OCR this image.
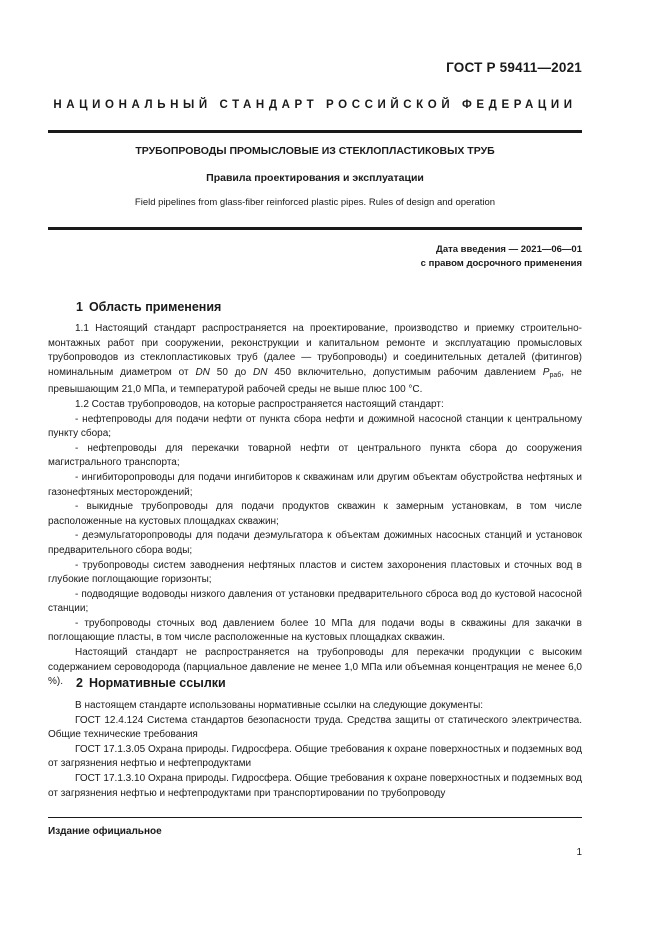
ГОСТ Р 59411—2021
НАЦИОНАЛЬНЫЙ СТАНДАРТ РОССИЙСКОЙ ФЕДЕРАЦИИ
ТРУБОПРОВОДЫ ПРОМЫСЛОВЫЕ ИЗ СТЕКЛОПЛАСТИКОВЫХ ТРУБ
Правила проектирования и эксплуатации
Field pipelines from glass-fiber reinforced plastic pipes. Rules of design and operation
Дата введения — 2021—06—01
с правом досрочного применения
1 Область применения

1.1 Настоящий стандарт распространяется на проектирование, производство и приемку строительно-монтажных работ при сооружении, реконструкции и капитальном ремонте и эксплуатацию промысловых трубопроводов из стеклопластиковых труб (далее — трубопроводы) и соединительных деталей (фитингов) номинальным диаметром от DN 50 до DN 450 включительно, допустимым рабочим давлением $P_{раб}$, не превышающим 21,0 МПа, и температурой рабочей среды не выше плюс 100 °С.

1.2 Состав трубопроводов, на которые распространяется настоящий стандарт:

- нефтепроводы для подачи нефти от пункта сбора нефти и дожимной насосной станции к центральному пункту сбора;

- нефтепроводы для перекачки товарной нефти от центрального пункта сбора до сооружения магистрального транспорта;

- ингибиторопроводы для подачи ингибиторов к скважинам или другим объектам обустройства нефтяных и газонефтяных месторождений;

- выкидные трубопроводы для подачи продуктов скважин к замерным установкам, в том числе расположенные на кустовых площадках скважин;

- деэмульгаторопроводы для подачи деэмульгатора к объектам дожимных насосных станций и установок предварительного сбора воды;

- трубопроводы систем заводнения нефтяных пластов и систем захоронения пластовых и сточных вод в глубокие поглощающие горизонты;

- подводящие водоводы низкого давления от установки предварительного сброса вод до кустовой насосной станции;

- трубопроводы сточных вод давлением более 10 МПа для подачи воды в скважины для закачки в поглощающие пласты, в том числе расположенные на кустовых площадках скважин.

Настоящий стандарт не распространяется на трубопроводы для перекачки продукции с высоким содержанием сероводорода (парциальное давление не менее 1,0 МПа или объемная концентрация не менее 6,0 %).	2 Нормативные ссылки

В настоящем стандарте использованы нормативные ссылки на следующие документы:

ГОСТ 12.4.124 Система стандартов безопасности труда. Средства защиты от статического электричества. Общие технические требования

ГОСТ 17.1.3.05 Охрана природы. Гидросфера. Общие требования к охране поверхностных и подземных вод от загрязнения нефтью и нефтепродуктами

ГОСТ 17.1.3.10 Охрана природы. Гидросфера. Общие требования к охране поверхностных и подземных вод от загрязнения нефтью и нефтепродуктами при транспортировании по трубопроводу

Издание официальное
1
